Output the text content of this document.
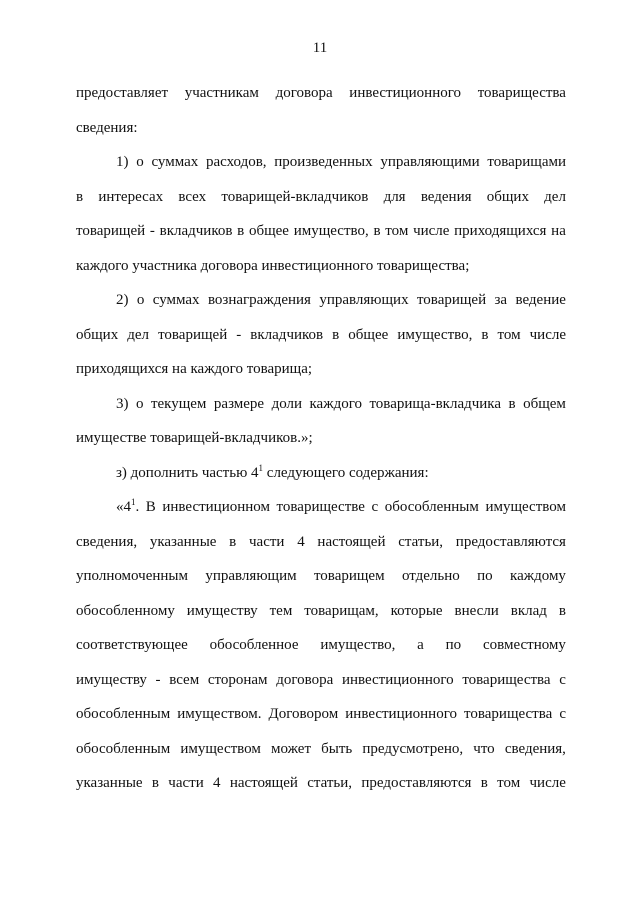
11
предоставляет участникам договора инвестиционного товарищества
сведения:
1) о суммах расходов, произведенных управляющими товарищами
в интересах всех товарищей-вкладчиков для ведения общих дел
товарищей - вкладчиков в общее имущество, в том числе приходящихся на
каждого участника договора инвестиционного товарищества;
2) о суммах вознаграждения управляющих товарищей за ведение
общих дел товарищей - вкладчиков в общее имущество, в том числе
приходящихся на каждого товарища;
3) о текущем размере доли каждого товарища-вкладчика в общем
имуществе товарищей-вкладчиков.»;
з) дополнить частью $4^1$ следующего содержания:
«$4^1$. В инвестиционном товариществе с обособленным имуществом
сведения, указанные в части 4 настоящей статьи, предоставляются
уполномоченным управляющим товарищем отдельно по каждому
обособленному имуществу тем товарищам, которые внесли вклад в
соответствующее обособленное имущество, а по совместному
имуществу - всем сторонам договора инвестиционного товарищества с
обособленным имуществом. Договором инвестиционного товарищества с
обособленным имуществом может быть предусмотрено, что сведения,
указанные в части 4 настоящей статьи, предоставляются в том числе
